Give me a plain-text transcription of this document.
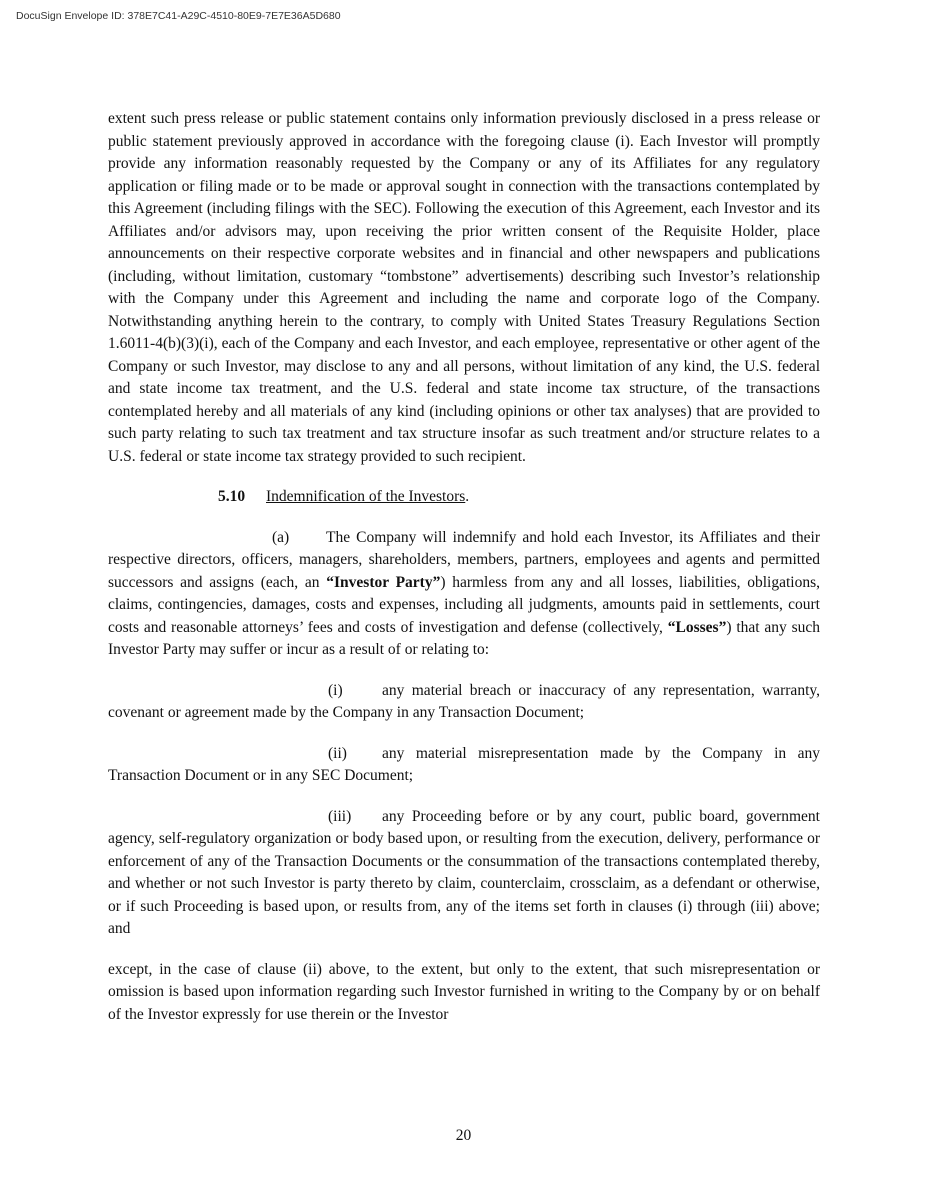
DocuSign Envelope ID: 378E7C41-A29C-4510-80E9-7E7E36A5D680

extent such press release or public statement contains only information previously disclosed in a press release or public statement previously approved in accordance with the foregoing clause (i). Each Investor will promptly provide any information reasonably requested by the Company or any of its Affiliates for any regulatory application or filing made or to be made or approval sought in connection with the transactions contemplated by this Agreement (including filings with the SEC). Following the execution of this Agreement, each Investor and its Affiliates and/or advisors may, upon receiving the prior written consent of the Requisite Holder, place announcements on their respective corporate websites and in financial and other newspapers and publications (including, without limitation, customary “tombstone” advertisements) describing such Investor’s relationship with the Company under this Agreement and including the name and corporate logo of the Company. Notwithstanding anything herein to the contrary, to comply with United States Treasury Regulations Section 1.6011-4(b)(3)(i), each of the Company and each Investor, and each employee, representative or other agent of the Company or such Investor, may disclose to any and all persons, without limitation of any kind, the U.S. federal and state income tax treatment, and the U.S. federal and state income tax structure, of the transactions contemplated hereby and all materials of any kind (including opinions or other tax analyses) that are provided to such party relating to such tax treatment and tax structure insofar as such treatment and/or structure relates to a U.S. federal or state income tax strategy provided to such recipient.

5.10 Indemnification of the Investors.

(a) The Company will indemnify and hold each Investor, its Affiliates and their respective directors, officers, managers, shareholders, members, partners, employees and agents and permitted successors and assigns (each, an “Investor Party”) harmless from any and all losses, liabilities, obligations, claims, contingencies, damages, costs and expenses, including all judgments, amounts paid in settlements, court costs and reasonable attorneys’ fees and costs of investigation and defense (collectively, “Losses”) that any such Investor Party may suffer or incur as a result of or relating to:

(i)	any material breach or inaccuracy of any representation, warranty, covenant or agreement made by the Company in any Transaction Document;

(ii) any material misrepresentation made by the Company in any Transaction Document or in any SEC Document;

(iii) any Proceeding before or by any court, public board, government agency, self-regulatory organization or body based upon, or resulting from the execution, delivery, performance or enforcement of any of the Transaction Documents or the consummation of the transactions contemplated thereby, and whether or not such Investor is party thereto by claim, counterclaim, crossclaim, as a defendant or otherwise, or if such Proceeding is based upon, or results from, any of the items set forth in clauses (i) through (iii) above; and

except, in the case of clause (ii) above, to the extent, but only to the extent, that such misrepresentation or omission is based upon information regarding such Investor furnished in writing to the Company by or on behalf of the Investor expressly for use therein or the Investor

20
